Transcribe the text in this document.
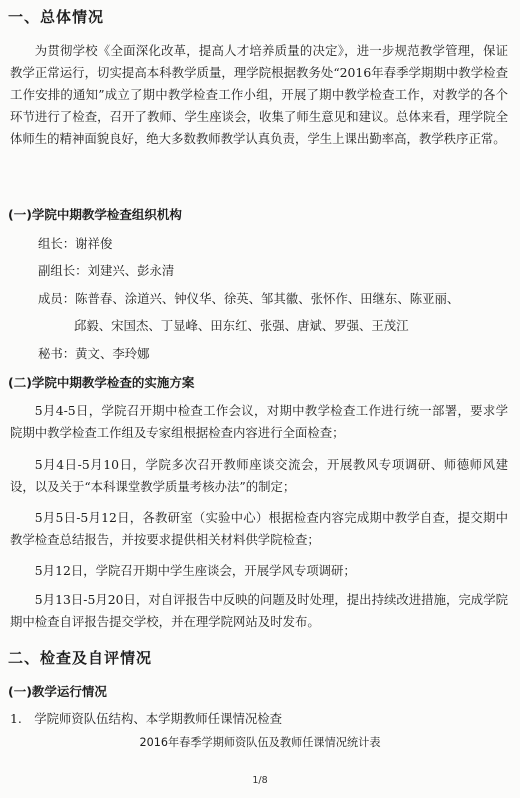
一、总体情况
为贯彻学校《全面深化改革，提高人才培养质量的决定》，进一步规范教学管理，保证教学正常运行，切实提高本科教学质量，理学院根据教务处“2016年春季学期期中教学检查工作安排的通知”成立了期中教学检查工作小组，开展了期中教学检查工作，对教学的各个环节进行了检查，召开了教师、学生座谈会，收集了师生意见和建议。总体来看，理学院全体师生的精神面貌良好，绝大多数教师教学认真负责，学生上课出勤率高，教学秩序正常。
(一)学院中期教学检查组织机构
组长：谢祥俊
副组长：刘建兴、彭永清
成员：陈普春、涂道兴、钟仪华、徐英、邹其徽、张怀作、田继东、陈亚丽、
邱毅、宋国杰、丁显峰、田东红、张强、唐斌、罗强、王茂江
秘书：黄文、李玲娜
(二)学院中期教学检查的实施方案
5月4-5日，学院召开期中检查工作会议，对期中教学检查工作进行统一部署，要求学院期中教学检查工作组及专家组根据检查内容进行全面检查；
5月4日-5月10日，学院多次召开教师座谈交流会，开展教风专项调研、师德师风建设，以及关于“本科课堂教学质量考核办法”的制定；
5月5日-5月12日，各教研室（实验中心）根据检查内容完成期中教学自查，提交期中教学检查总结报告，并按要求提供相关材料供学院检查；
5月12日，学院召开期中学生座谈会，开展学风专项调研；
5月13日-5月20日，对自评报告中反映的问题及时处理，提出持续改进措施，完成学院期中检查自评报告提交学校，并在理学院网站及时发布。
二、检查及自评情况
(一)教学运行情况
1.　学院师资队伍结构、本学期教师任课情况检查
2016年春季学期师资队伍及教师任课情况统计表
1/8
